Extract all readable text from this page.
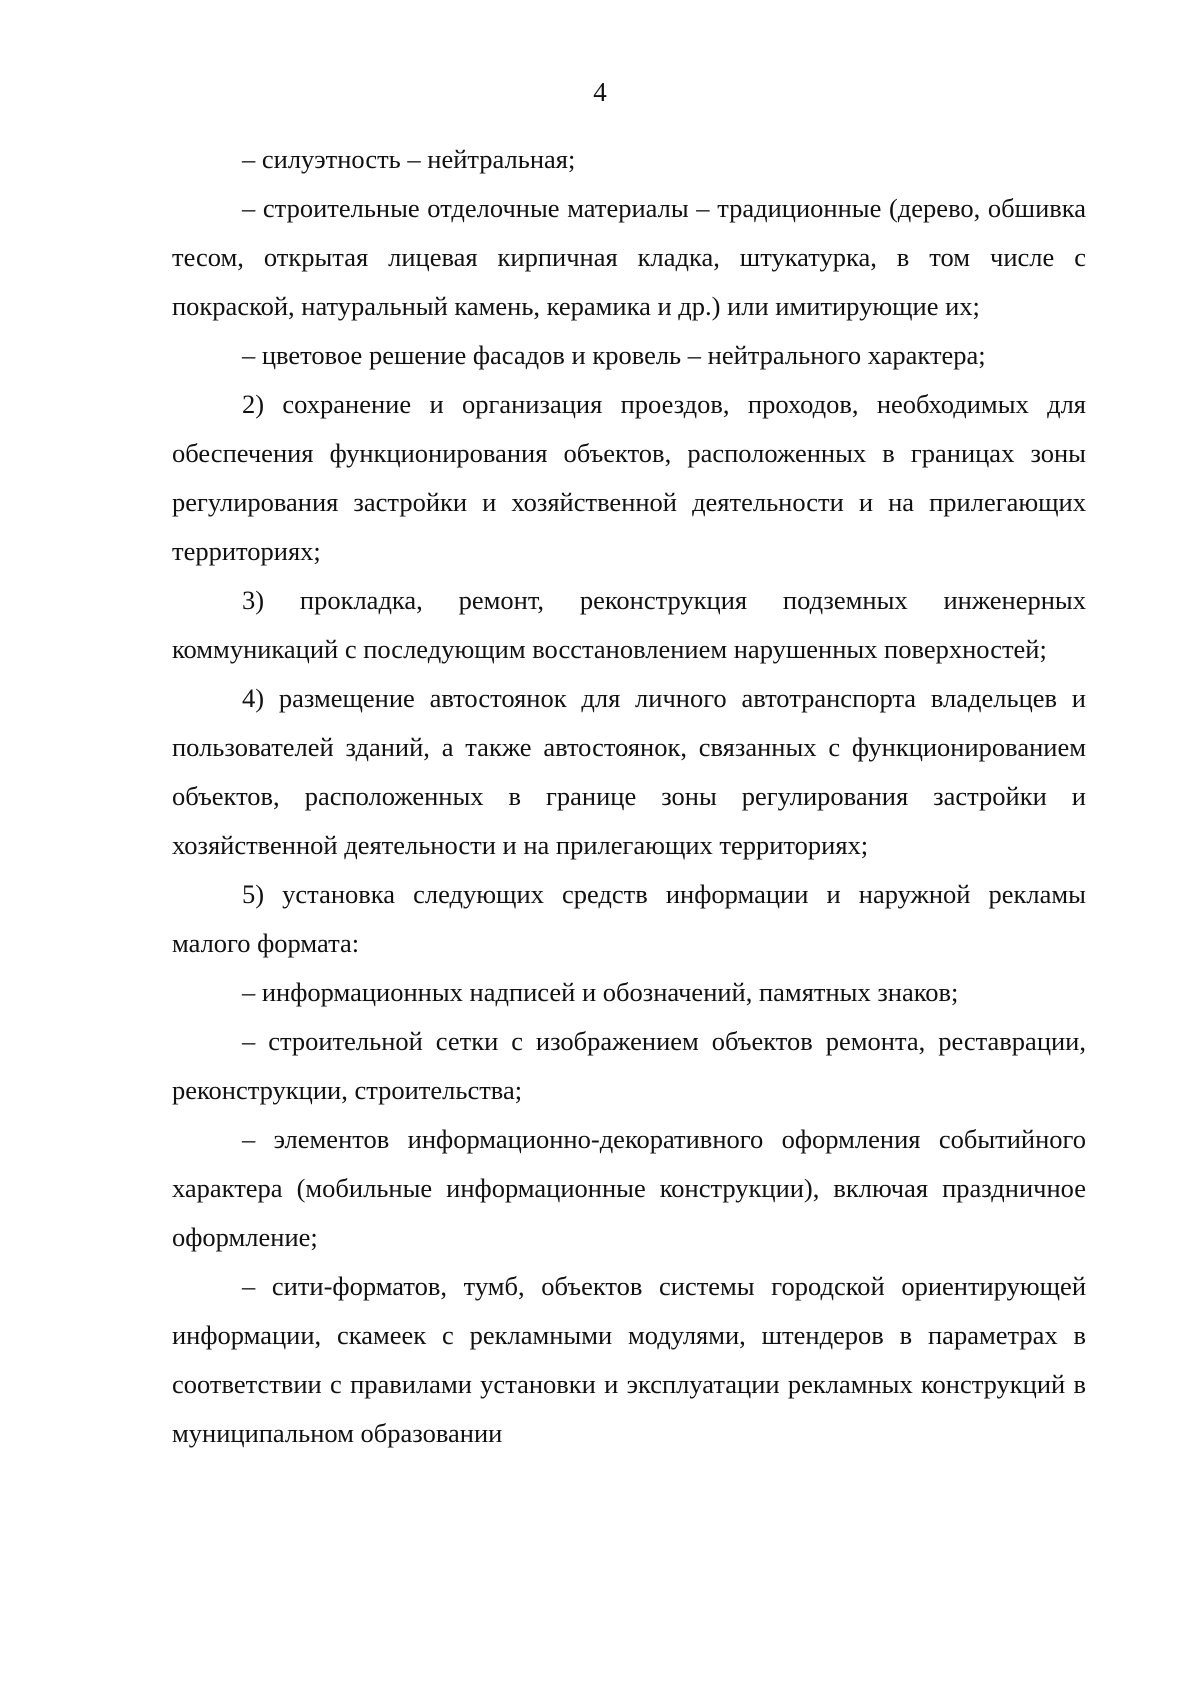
4

– силуэтность – нейтральная;

– строительные отделочные материалы – традиционные (дерево, обшивка тесом, открытая лицевая кирпичная кладка, штукатурка, в том числе с покраской, натуральный камень, керамика и др.) или имитирующие их;

– цветовое решение фасадов и кровель – нейтрального характера;

2) сохранение и организация проездов, проходов, необходимых для обеспечения функционирования объектов, расположенных в границах зоны регулирования застройки и хозяйственной деятельности и на прилегающих территориях;

3) прокладка, ремонт, реконструкция подземных инженерных коммуникаций с последующим восстановлением нарушенных поверхностей;

4) размещение автостоянок для личного автотранспорта владельцев и пользователей зданий, а также автостоянок, связанных с функционированием объектов, расположенных в границе зоны регулирования застройки и хозяйственной деятельности и на прилегающих территориях;

5) установка следующих средств информации и наружной рекламы малого формата:

– информационных надписей и обозначений, памятных знаков;

– строительной сетки с изображением объектов ремонта, реставрации, реконструкции, строительства;

– элементов информационно-декоративного оформления событийного характера (мобильные информационные конструкции), включая праздничное оформление;

– сити-форматов, тумб, объектов системы городской ориентирующей информации, скамеек с рекламными модулями, штендеров в параметрах в соответствии с правилами установки и эксплуатации рекламных конструкций в муниципальном образовании
